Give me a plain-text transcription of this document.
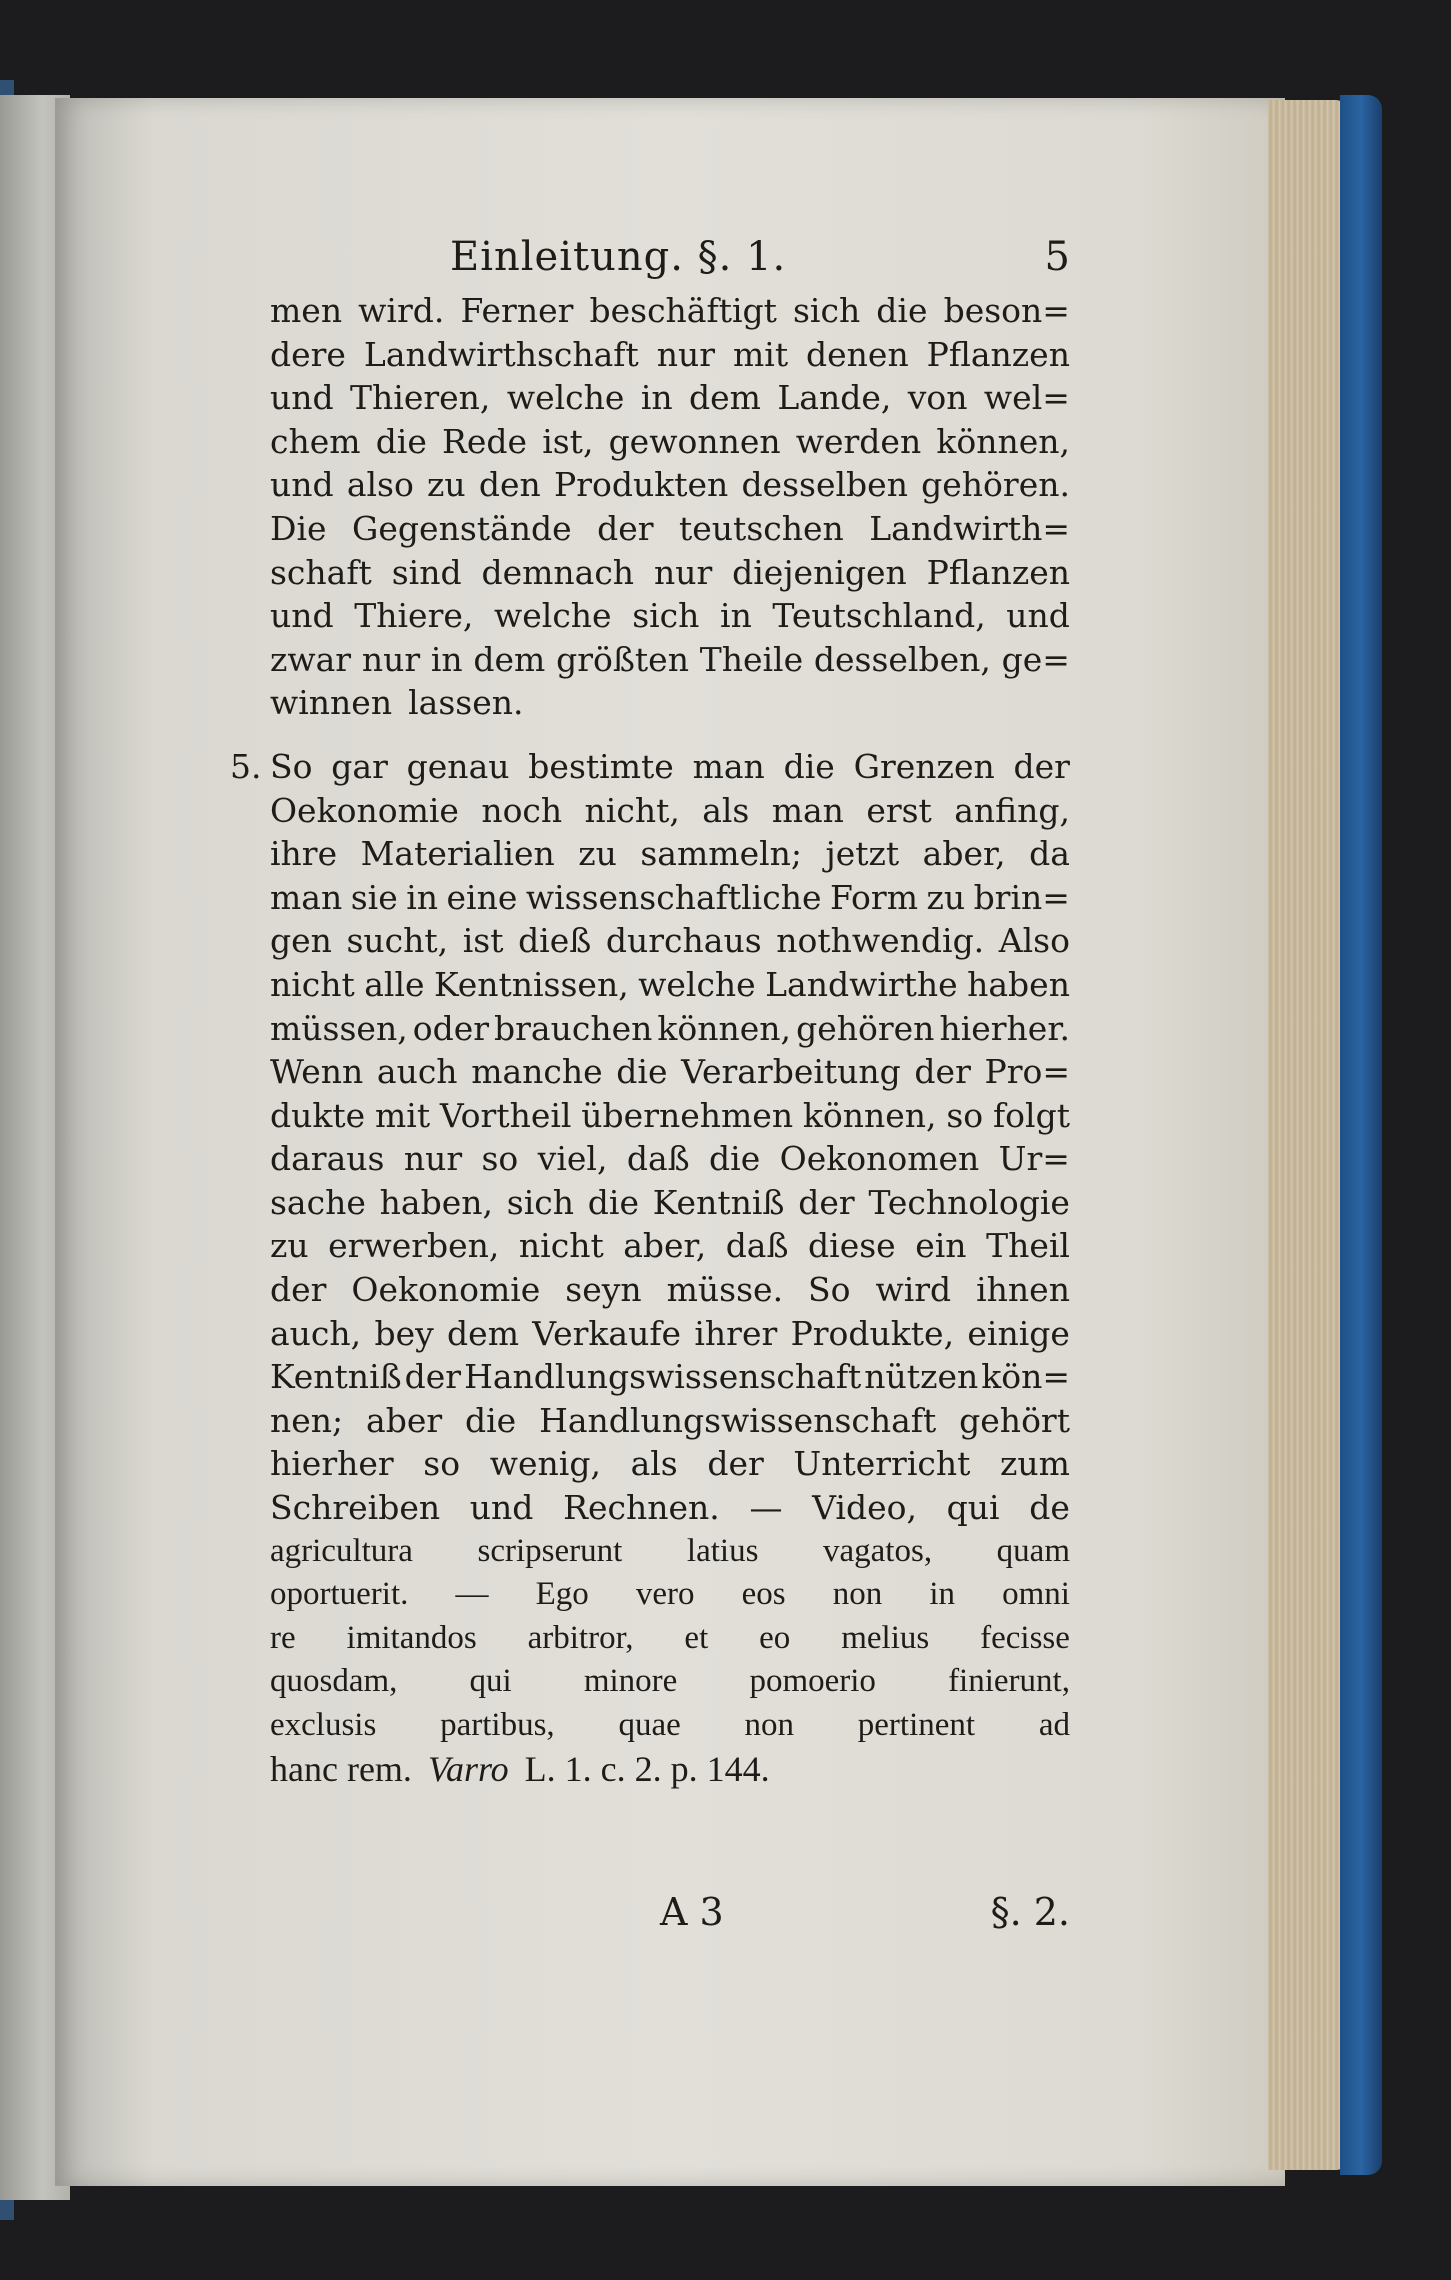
Einleitung. §. 1.	5
men wird. Ferner beschäftigt sich die beson=
dere Landwirthschaft nur mit denen Pflanzen
und Thieren, welche in dem Lande, von wel=
chem die Rede ist, gewonnen werden können,
und also zu den Produkten desselben gehören.
Die Gegenstände der teutschen Landwirth=
schaft sind demnach nur diejenigen Pflanzen
und Thiere, welche sich in Teutschland, und
zwar nur in dem größten Theile desselben, ge=
winnen lassen.
5. So gar genau bestimte man die Grenzen der
Oekonomie noch nicht, als man erst anfing,
ihre Materialien zu sammeln; jetzt aber, da
man sie in eine wissenschaftliche Form zu brin=
gen sucht, ist dieß durchaus nothwendig. Also
nicht alle Kentnissen, welche Landwirthe haben
müssen, oder brauchen können, gehören hierher.
Wenn auch manche die Verarbeitung der Pro=
dukte mit Vortheil übernehmen können, so folgt
daraus nur so viel, daß die Oekonomen Ur=
sache haben, sich die Kentniß der Technologie
zu erwerben, nicht aber, daß diese ein Theil
der Oekonomie seyn müsse. So wird ihnen
auch, bey dem Verkaufe ihrer Produkte, einige
Kentniß der Handlungswissenschaft nützen kön=
nen; aber die Handlungswissenschaft gehört
hierher so wenig, als der Unterricht zum
Schreiben und Rechnen. — Video, qui de
agricultura scripserunt latius vagatos, quam
oportuerit. — Ego vero eos non in omni
re imitandos arbitror, et eo melius fecisse
quosdam, qui minore pomoerio finierunt,
exclusis partibus, quae non pertinent ad
hanc rem. Varro L. 1. c. 2. p. 144.
A 3	§. 2.
